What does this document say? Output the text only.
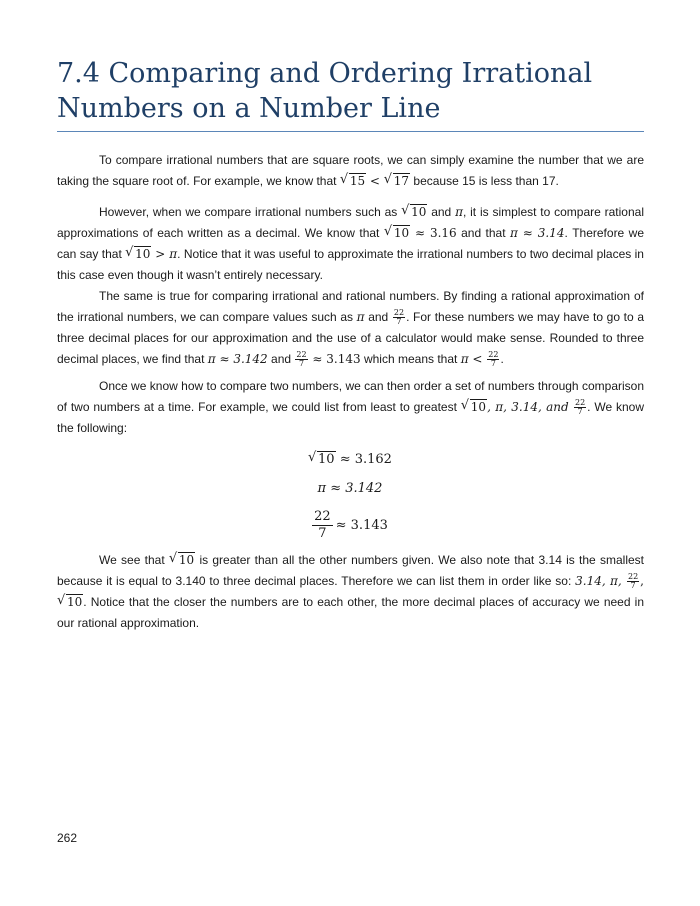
7.4 Comparing and Ordering Irrational Numbers on a Number Line

To compare irrational numbers that are square roots, we can simply examine the number that we are taking the square root of. For example, we know that √ 15 < √ 17 because 15 is less than 17.

However, when we compare irrational numbers such as √ 10 and π, it is simplest to compare rational approximations of each written as a decimal. We know that √ 10 ≈ 3.16 and that π ≈ 3.14. Therefore we can say that √ 10 > π. Notice that it was useful to approximate the irrational numbers to two decimal places in this case even though it wasn’t entirely necessary.

The same is true for comparing irrational and rational numbers. By finding a rational approximation of the irrational numbers, we can compare values such as π and $\frac{22}{7}$ . For these numbers we may have to go to a three decimal places for our approximation and the use of a calculator would make sense. Rounded to three decimal places, we find that π ≈ 3.142 and $\frac{22}{7} \approx 3.143$ which means that $\pi < \frac{22}{7}$ .

Once we know how to compare two numbers, we can then order a set of numbers through comparison of two numbers at a time. For example, we could list from least to greatest √ 10, π, 3.14, and $\frac{22}{7}$ . We know the following:

√ 10 ≈ 3.162
π ≈ 3.142
$\frac{22}{7} \approx 3.143$

We see that √ 10 is greater than all the other numbers given. We also note that 3.14 is the smallest because it is equal to 3.140 to three decimal places. Therefore we can list them in order like so: 3.14, π, $\frac{22}{7}$ ,
√ 10. Notice that the closer the numbers are to each other, the more decimal places of accuracy we need in our rational approximation.

262
